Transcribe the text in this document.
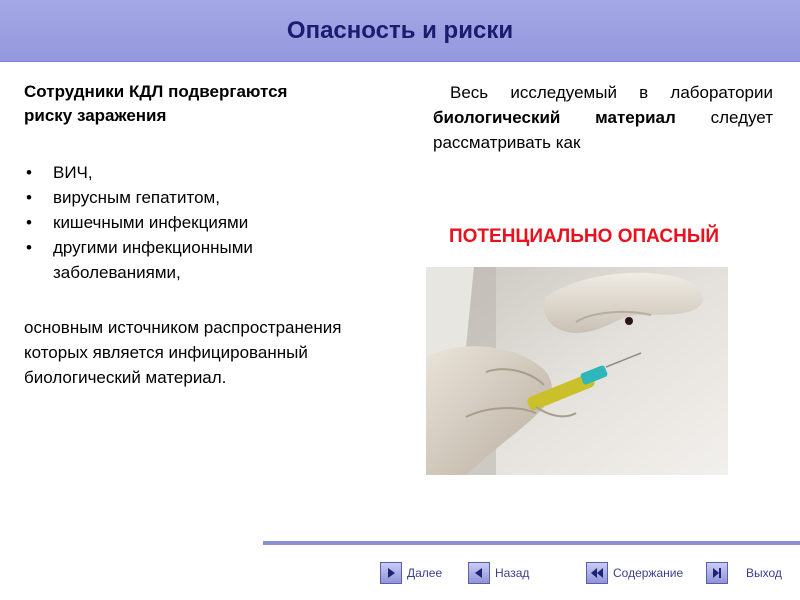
Опасность и риски

Сотрудники КДЛ подвергаются
риску заражения

• ВИЧ,
• вирусным гепатитом,
• кишечными инфекциями
• другими инфекционными заболеваниями,

основным источником распространения которых является инфицированный биологический материал.

Весь исследуемый в лаборатории биологический материал следует рассматривать как

ПОТЕНЦИАЛЬНО ОПАСНЫЙ
Далее	Назад	Содержание	Выход
